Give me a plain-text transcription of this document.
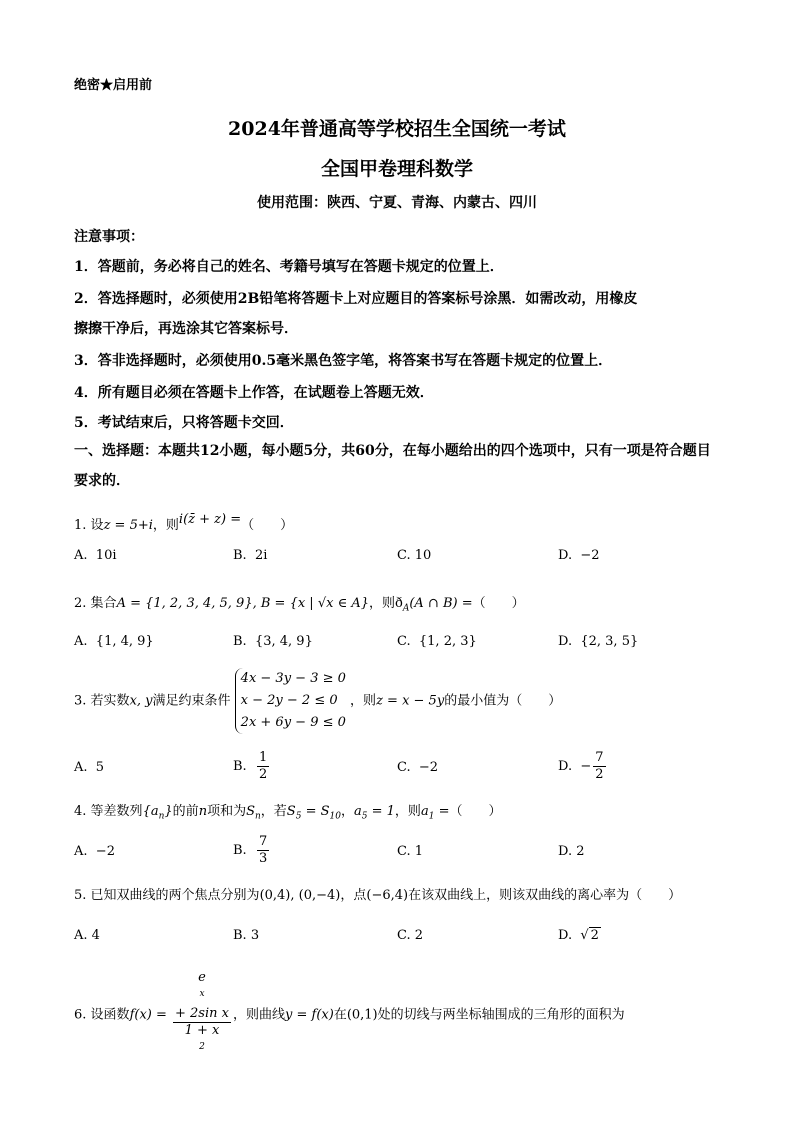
绝密★启用前
2024年普通高等学校招生全国统一考试
全国甲卷理科数学
使用范围：陕西、宁夏、青海、内蒙古、四川
注意事项：
1．答题前，务必将自己的姓名、考籍号填写在答题卡规定的位置上．
2．答选择题时，必须使用2B铅笔将答题卡上对应题目的答案标号涂黑．如需改动，用橡皮
擦擦干净后，再选涂其它答案标号．
3．答非选择题时，必须使用0.5毫米黑色签字笔，将答案书写在答题卡规定的位置上．
4．所有题目必须在答题卡上作答，在试题卷上答题无效．
5．考试结束后，只将答题卡交回．
一、选择题：本题共12小题，每小题5分，共60分，在每小题给出的四个选项中，只有一项是符合题目要求的．
1. 设z = 5+i，则i(z̄ + z) =（　　）
A. 10i	B. 2i	C. 10	D. −2
2. 集合A = {1, 2, 3, 4, 5, 9}, B = {x | √x ∈ A}，则$ð_A(A$ ∩ B) =（　　）
A. {1, 4, 9}	B. {3, 4, 9}	C. {1, 2, 3}	D. {2, 3, 5}
3. 若实数x, y满足约束条件
4x − 3y − 3 ≥ 0
x − 2y − 2 ≤ 0
2x + 6y − 9 ≤ 0
，则z = x − 5y的最小值为（　　）
A. 5	B. $\frac{1}{2}$	C. −2	D. − $\frac{7}{2}$
4. 等差数列$\{a_n\}$的前n项和为$S_n$，若$S_5 = S_{10}$，$a_5 = 1$，则$a_1$ =（　　）
A. −2	B. $\frac{7}{3}$	C. 1	D. 2
5. 已知双曲线的两个焦点分别为(0,4), (0,−4)，点(−6,4)在该双曲线上，则该双曲线的离心率为（　　）
A. 4	B. 3	C. 2	D.  √ 2
6. 设函数f(x) = e
$^x$
+ 2sin x
1 + x
$^2$ ，则曲线y = f(x)在(0,1)处的切线与两坐标轴围成的三角形的面积为
